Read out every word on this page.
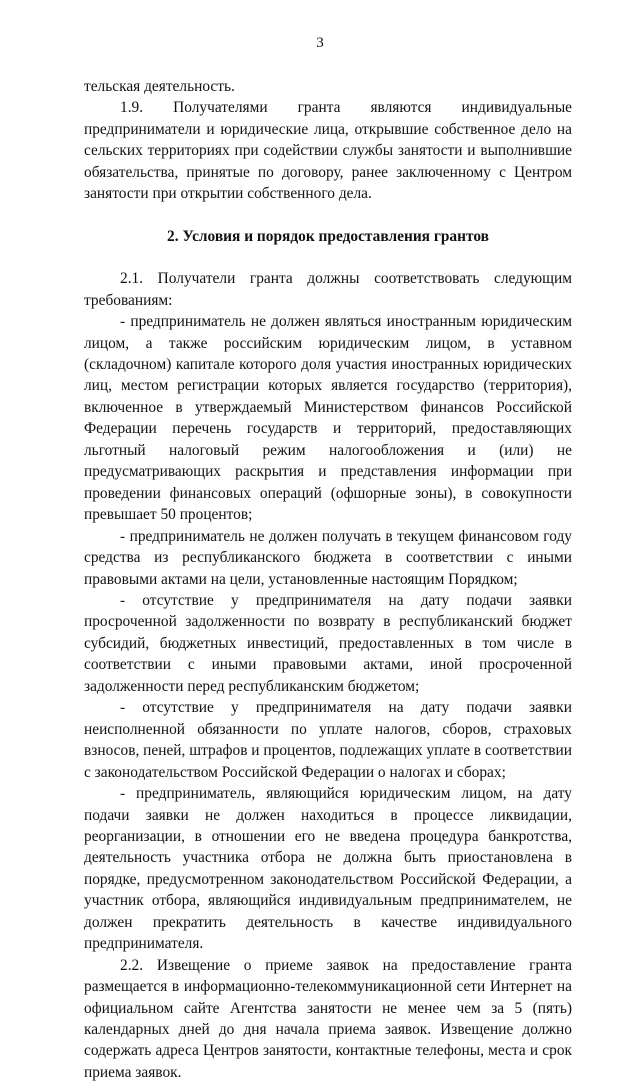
3

тельская деятельность.

1.9. Получателями гранта являются индивидуальные предприниматели и юридические лица, открывшие собственное дело на сельских территориях при содействии службы занятости и выполнившие обязательства, принятые по договору, ранее заключенному с Центром занятости при открытии собственного дела.

2. Условия и порядок предоставления грантов

2.1. Получатели гранта должны соответствовать следующим требованиям:

- предприниматель не должен являться иностранным юридическим лицом, а также российским юридическим лицом, в уставном (складочном) капитале которого доля участия иностранных юридических лиц, местом регистрации которых является государство (территория), включенное в утверждаемый Министерством финансов Российской Федерации перечень государств и территорий, предоставляющих льготный налоговый режим налогообложения и (или) не предусматривающих раскрытия и представления информации при проведении финансовых операций (офшорные зоны), в совокупности превышает 50 процентов;

- предприниматель не должен получать в текущем финансовом году средства из республиканского бюджета в соответствии с иными правовыми актами на цели, установленные настоящим Порядком;

- отсутствие у предпринимателя на дату подачи заявки просроченной задолженности по возврату в республиканский бюджет субсидий, бюджетных инвестиций, предоставленных в том числе в соответствии с иными правовыми актами, иной просроченной задолженности перед республиканским бюджетом;

- отсутствие у предпринимателя на дату подачи заявки неисполненной обязанности по уплате налогов, сборов, страховых взносов, пеней, штрафов и процентов, подлежащих уплате в соответствии с законодательством Российской Федерации о налогах и сборах;

- предприниматель, являющийся юридическим лицом, на дату подачи заявки не должен находиться в процессе ликвидации, реорганизации, в отношении его не введена процедура банкротства, деятельность участника отбора не должна быть приостановлена в порядке, предусмотренном законодательством Российской Федерации, а участник отбора, являющийся индивидуальным предпринимателем, не должен прекратить деятельность в качестве индивидуального предпринимателя.

2.2. Извещение о приеме заявок на предоставление гранта размещается в информационно-телекоммуникационной сети Интернет на официальном сайте Агентства занятости не менее чем за 5 (пять) календарных дней до дня начала приема заявок. Извещение должно содержать адреса Центров занятости, контактные телефоны, места и срок приема заявок.
